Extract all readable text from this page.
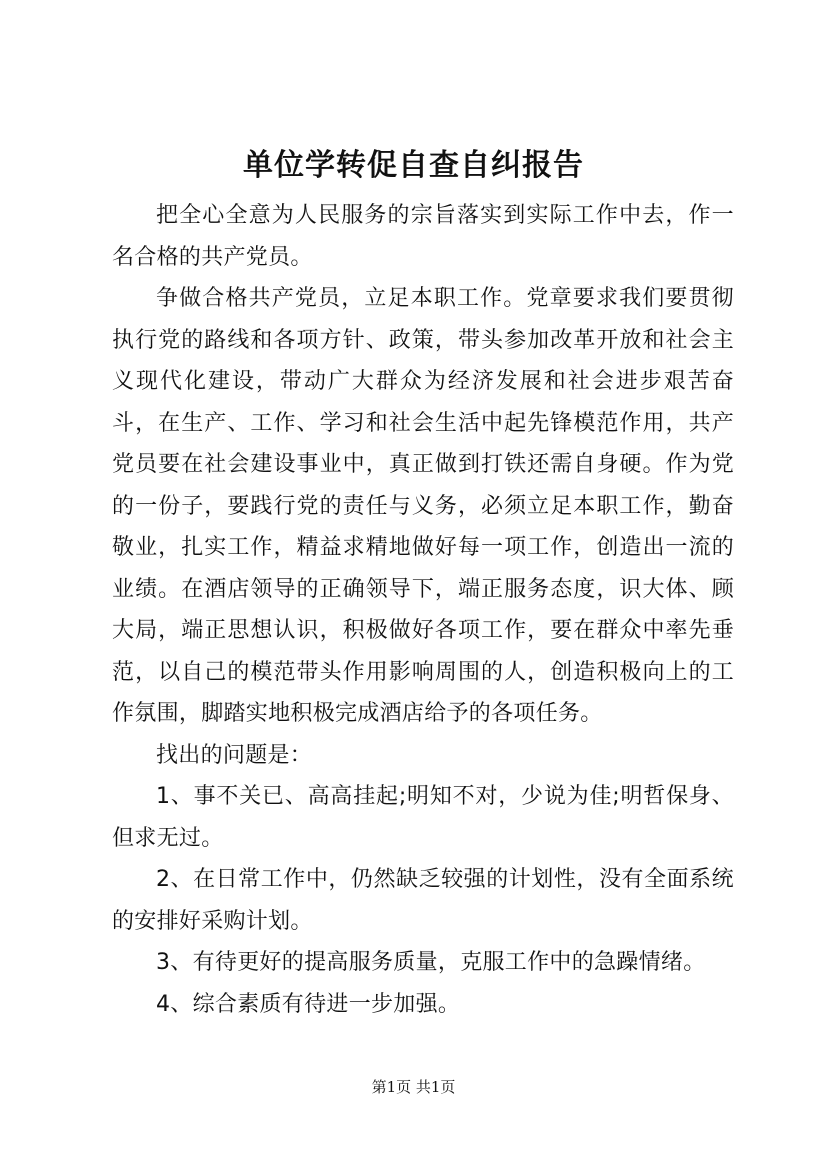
单位学转促自查自纠报告

把全心全意为人民服务的宗旨落实到实际工作中去，作一名合格的共产党员。

争做合格共产党员，立足本职工作。党章要求我们要贯彻执行党的路线和各项方针、政策，带头参加改革开放和社会主义现代化建设，带动广大群众为经济发展和社会进步艰苦奋斗，在生产、工作、学习和社会生活中起先锋模范作用，共产党员要在社会建设事业中，真正做到打铁还需自身硬。作为党的一份子，要践行党的责任与义务，必须立足本职工作，勤奋敬业，扎实工作，精益求精地做好每一项工作，创造出一流的业绩。在酒店领导的正确领导下，端正服务态度，识大体、顾大局，端正思想认识，积极做好各项工作，要在群众中率先垂范，以自己的模范带头作用影响周围的人，创造积极向上的工作氛围，脚踏实地积极完成酒店给予的各项任务。

找出的问题是：

1、事不关已、高高挂起;明知不对，少说为佳;明哲保身、但求无过。

2、在日常工作中，仍然缺乏较强的计划性，没有全面系统的安排好采购计划。

3、有待更好的提高服务质量，克服工作中的急躁情绪。

4、综合素质有待进一步加强。

第1页 共1页
